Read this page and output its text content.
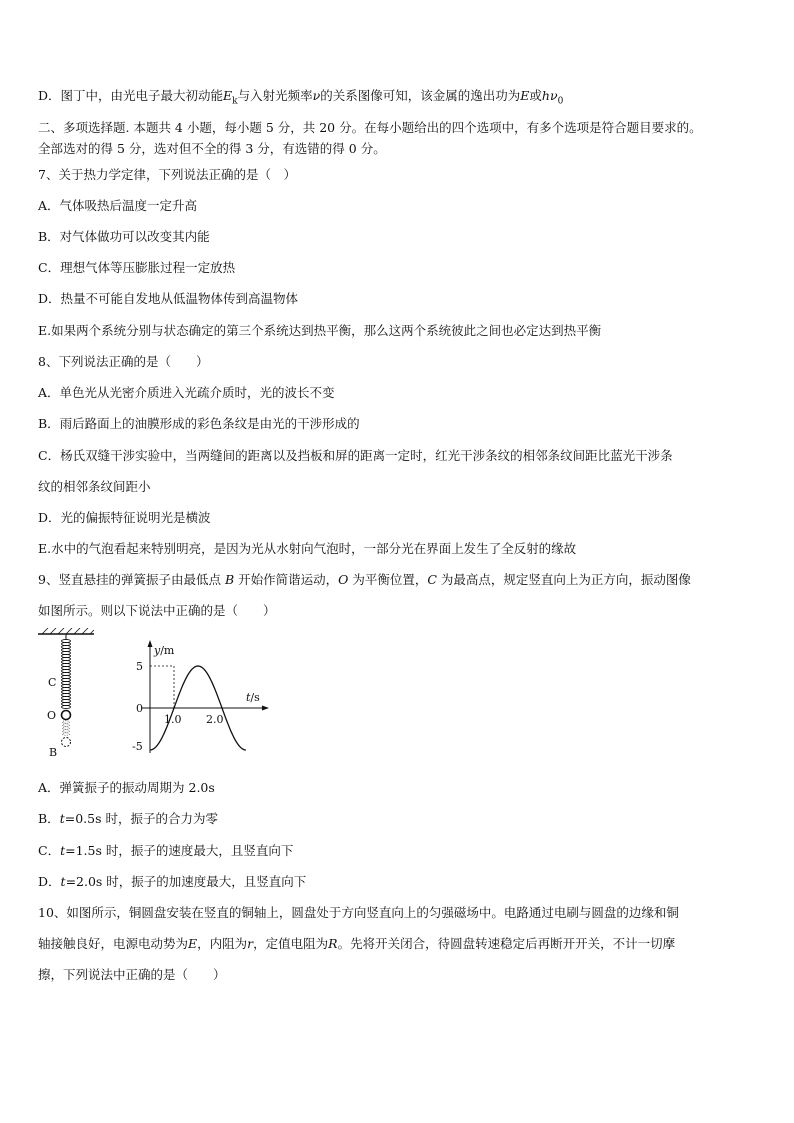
D．图丁中，由光电子最大初动能$E_k$与入射光频率ν的关系图像可知，该金属的逸出功为E或$h\nu_0$
二、多项选择题. 本题共 4 小题，每小题 5 分，共 20 分。在每小题给出的四个选项中，有多个选项是符合题目要求的。
全部选对的得 5 分，选对但不全的得 3 分，有选错的得 0 分。
7、关于热力学定律，下列说法正确的是（　）
A．气体吸热后温度一定升高
B．对气体做功可以改变其内能
C．理想气体等压膨胀过程一定放热
D．热量不可能自发地从低温物体传到高温物体
E.如果两个系统分别与状态确定的第三个系统达到热平衡，那么这两个系统彼此之间也必定达到热平衡
8、下列说法正确的是（　　）
A．单色光从光密介质进入光疏介质时，光的波长不变
B．雨后路面上的油膜形成的彩色条纹是由光的干涉形成的
C．杨氏双缝干涉实验中，当两缝间的距离以及挡板和屏的距离一定时，红光干涉条纹的相邻条纹间距比蓝光干涉条
纹的相邻条纹间距小
D．光的偏振特征说明光是横波
E.水中的气泡看起来特别明亮，是因为光从水射向气泡时，一部分光在界面上发生了全反射的缘故
9、竖直悬挂的弹簧振子由最低点 B 开始作简谐运动，O 为平衡位置，C 为最高点，规定竖直向上为正方向，振动图像
如图所示。则以下说法中正确的是（　　）
C
O
B
y/m
t/s
5
0
-5
1.0 2.0
A．弹簧振子的振动周期为 2.0s
B．t=0.5s 时，振子的合力为零
C．t=1.5s 时，振子的速度最大，且竖直向下
D．t=2.0s 时，振子的加速度最大，且竖直向下
10、如图所示，铜圆盘安装在竖直的铜轴上，圆盘处于方向竖直向上的匀强磁场中。电路通过电刷与圆盘的边缘和铜
轴接触良好，电源电动势为E，内阻为r，定值电阻为R。先将开关闭合，待圆盘转速稳定后再断开开关，不计一切摩
擦，下列说法中正确的是（　　）
